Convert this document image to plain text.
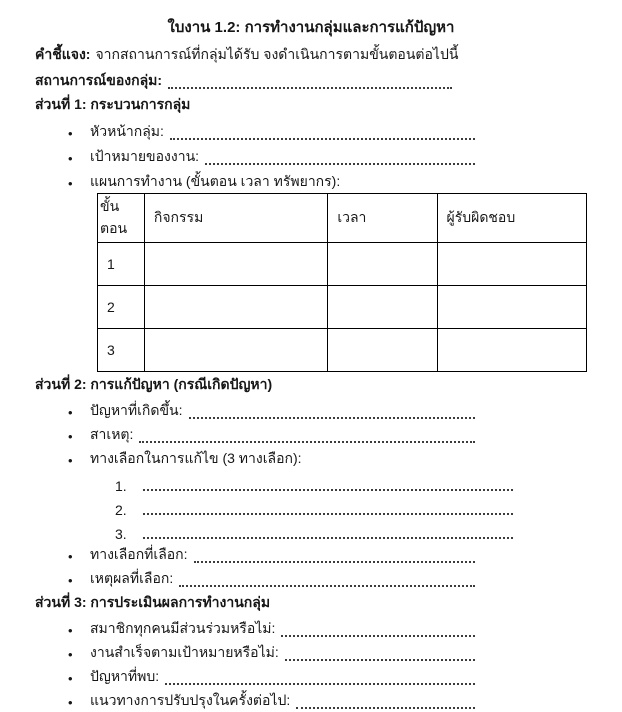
ใบงาน 1.2: การทำงานกลุ่มและการแก้ปัญหา
คำชี้แจง: จากสถานการณ์ที่กลุ่มได้รับ จงดำเนินการตามขั้นตอนต่อไปนี้
สถานการณ์ของกลุ่ม:
ส่วนที่ 1: กระบวนการกลุ่ม
•
หัวหน้ากลุ่ม:
•
เป้าหมายของงาน:
•
แผนการทำงาน (ขั้นตอน เวลา ทรัพยากร):
ขั้นตอน	กิจกรรม	เวลา	ผู้รับผิดชอบ
1			
2			
3			
ส่วนที่ 2: การแก้ปัญหา (กรณีเกิดปัญหา)
•
ปัญหาที่เกิดขึ้น:
•
สาเหตุ:
•
ทางเลือกในการแก้ไข (3 ทางเลือก):
1.
2.
3.
•
ทางเลือกที่เลือก:
•
เหตุผลที่เลือก:
ส่วนที่ 3: การประเมินผลการทำงานกลุ่ม
•
สมาชิกทุกคนมีส่วนร่วมหรือไม่:
•
งานสำเร็จตามเป้าหมายหรือไม่:
•
ปัญหาที่พบ:
•
แนวทางการปรับปรุงในครั้งต่อไป:
